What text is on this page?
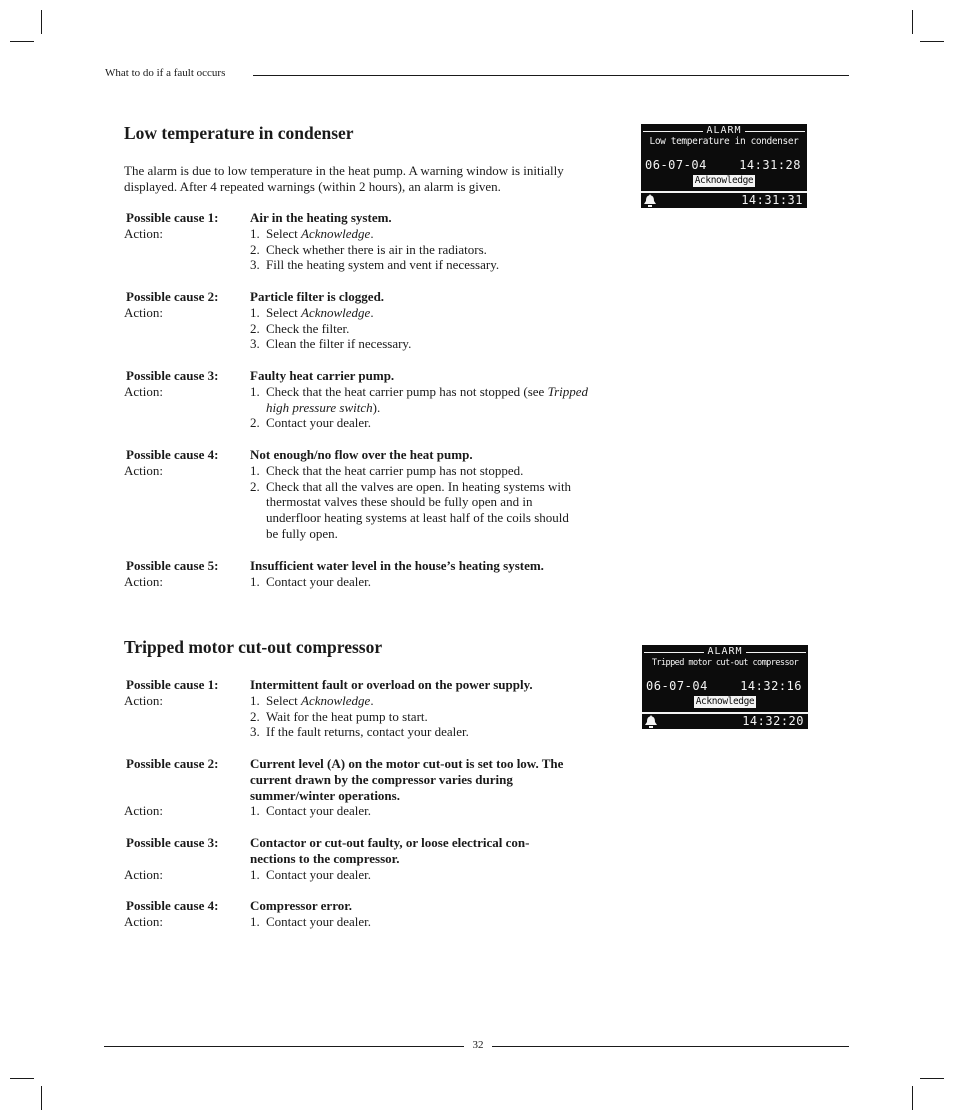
What to do if a fault occurs
Low temperature in condenser

The alarm is due to low temperature in the heat pump. A warning window is initially displayed. After 4 repeated warnings (within 2 hours), an alarm is given.

ALARM
Low temperature in condenser
06-07-04	14:31:28
Acknowledge
14:31:31
Possible cause 1:	Air in the heating system.
Action:	1. Select Acknowledge.
2. Check whether there is air in the radiators.
3. Fill the heating system and vent if necessary.
Possible cause 2:	Particle filter is clogged.
Action:	1. Select Acknowledge.
2. Check the filter.
3. Clean the filter if necessary.
Possible cause 3:	Faulty heat carrier pump.
Action:	1. Check that the heat carrier pump has not stopped (see Tripped high pressure switch).
2. Contact your dealer.
Possible cause 4:	Not enough/no flow over the heat pump.
Action:	1. Check that the heat carrier pump has not stopped.
2. Check that all the valves are open. In heating systems with thermostat valves these should be fully open and in underfloor heating systems at least half of the coils should be fully open.
Possible cause 5:	Insufficient water level in the house’s heating system.
Action:	1. Contact your dealer.
Tripped motor cut-out compressor	ALARM
Tripped motor cut-out compressor
06-07-04	14:32:16
Acknowledge
14:32:20
Possible cause 1:	Intermittent fault or overload on the power supply.
Action:	1. Select Acknowledge.
2. Wait for the heat pump to start.
3. If the fault returns, contact your dealer.
Possible cause 2:	Current level (A) on the motor cut-out is set too low. The current drawn by the compressor varies during summer/winter operations.
Action:	1. Contact your dealer.
Possible cause 3:	Contactor or cut-out faulty, or loose electrical con-nections to the compressor.
Action:	1. Contact your dealer.
Possible cause 4:	Compressor error.
Action:	1. Contact your dealer.
32
